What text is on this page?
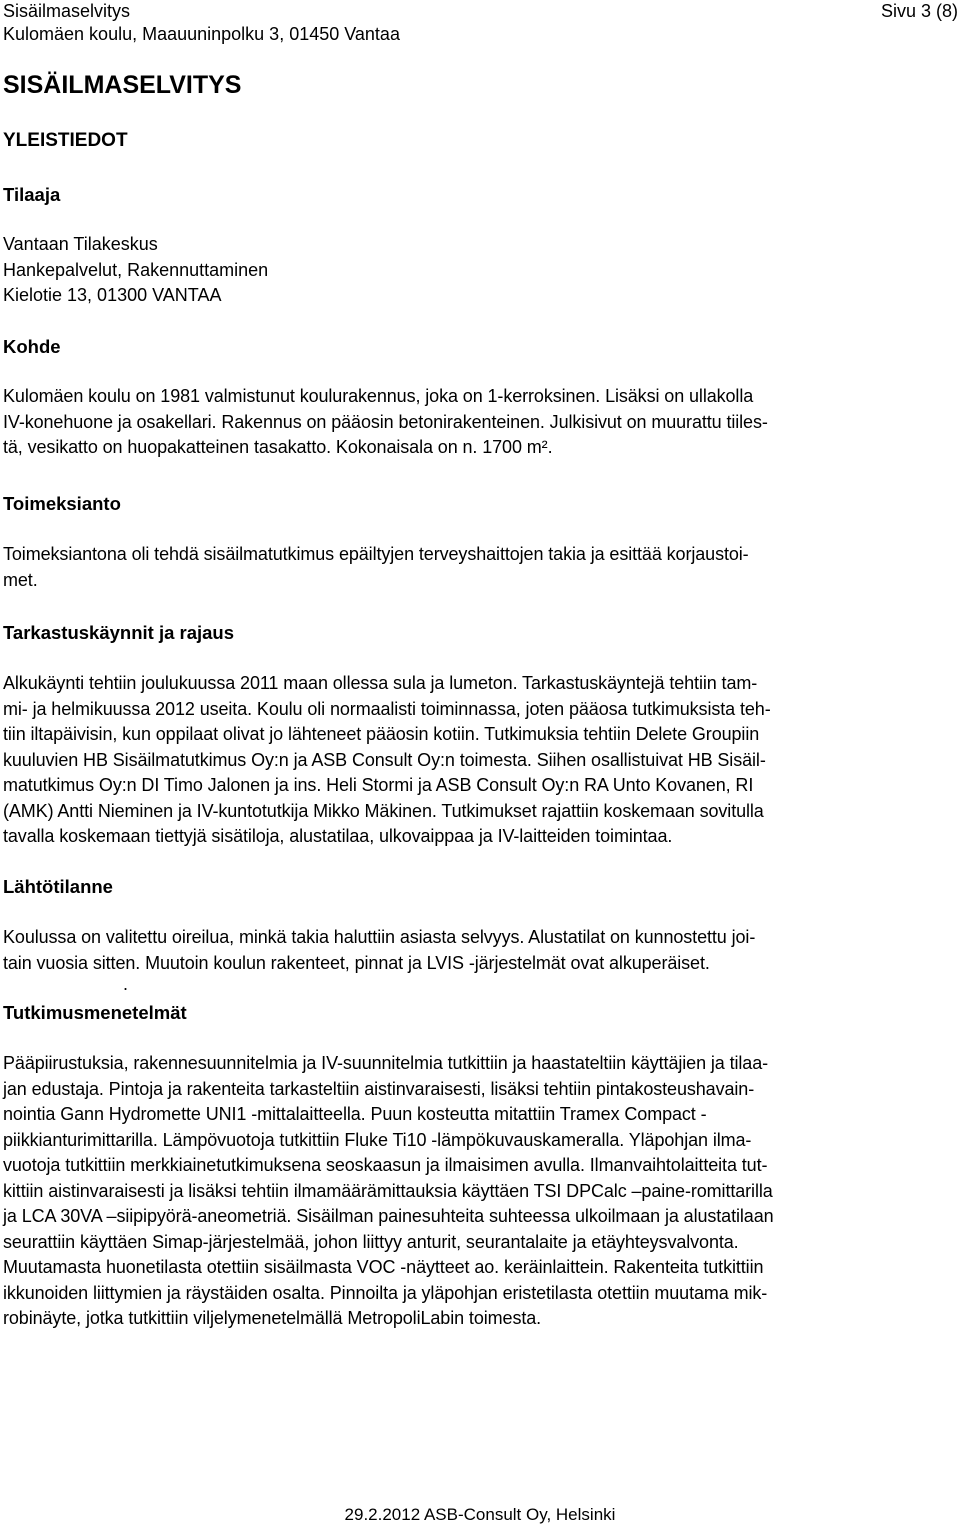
Sisäilmaselvitys	Sivu 3 (8)
Kulomäen koulu, Maauuninpolku 3, 01450 Vantaa
SISÄILMASELVITYS
YLEISTIEDOT
Tilaaja
Vantaan Tilakeskus
Hankepalvelut, Rakennuttaminen
Kielotie 13, 01300 VANTAA
Kohde
Kulomäen koulu on 1981 valmistunut koulurakennus, joka on 1-kerroksinen. Lisäksi on ullakolla
IV-konehuone ja osakellari. Rakennus on pääosin betonirakenteinen. Julkisivut on muurattu tiiles-
tä, vesikatto on huopakatteinen tasakatto. Kokonaisala on n. 1700 m².
Toimeksianto
Toimeksiantona oli tehdä sisäilmatutkimus epäiltyjen terveyshaittojen takia ja esittää korjaustoi-
met.
Tarkastuskäynnit ja rajaus
Alkukäynti tehtiin joulukuussa 2011 maan ollessa sula ja lumeton. Tarkastuskäyntejä tehtiin tam-
mi- ja helmikuussa 2012 useita. Koulu oli normaalisti toiminnassa, joten pääosa tutkimuksista teh-
tiin iltapäivisin, kun oppilaat olivat jo lähteneet pääosin kotiin. Tutkimuksia tehtiin Delete Groupiin
kuuluvien HB Sisäilmatutkimus Oy:n ja ASB Consult Oy:n toimesta. Siihen osallistuivat HB Sisäil-
matutkimus Oy:n DI Timo Jalonen ja ins. Heli Stormi ja ASB Consult Oy:n RA Unto Kovanen, RI
(AMK) Antti Nieminen ja IV-kuntotutkija Mikko Mäkinen. Tutkimukset rajattiin koskemaan sovitulla
tavalla koskemaan tiettyjä sisätiloja, alustatilaa, ulkovaippaa ja IV-laitteiden toimintaa.
Lähtötilanne
Koulussa on valitettu oireilua, minkä takia haluttiin asiasta selvyys. Alustatilat on kunnostettu joi-
tain vuosia sitten. Muutoin koulun rakenteet, pinnat ja LVIS -järjestelmät ovat alkuperäiset.
.
Tutkimusmenetelmät
Pääpiirustuksia, rakennesuunnitelmia ja IV-suunnitelmia tutkittiin ja haastateltiin käyttäjien ja tilaa-
jan edustaja. Pintoja ja rakenteita tarkasteltiin aistinvaraisesti, lisäksi tehtiin pintakosteushavain-
nointia Gann Hydromette UNI1 -mittalaitteella. Puun kosteutta mitattiin Tramex Compact -
piikkianturimittarilla. Lämpövuotoja tutkittiin Fluke Ti10 -lämpökuvauskameralla. Yläpohjan ilma-
vuotoja tutkittiin merkkiainetutkimuksena seoskaasun ja ilmaisimen avulla. Ilmanvaihtolaitteita tut-
kittiin aistinvaraisesti ja lisäksi tehtiin ilmamäärämittauksia käyttäen TSI DPCalc –paine-romittarilla
ja LCA 30VA –siipipyörä-aneometriä. Sisäilman painesuhteita suhteessa ulkoilmaan ja alustatilaan
seurattiin käyttäen Simap-järjestelmää, johon liittyy anturit, seurantalaite ja etäyhteysvalvonta.
Muutamasta huonetilasta otettiin sisäilmasta VOC -näytteet ao. keräinlaittein. Rakenteita tutkittiin
ikkunoiden liittymien ja räystäiden osalta. Pinnoilta ja yläpohjan eristetilasta otettiin muutama mik-
robinäyte, jotka tutkittiin viljelymenetelmällä MetropoliLabin toimesta.
29.2.2012 ASB-Consult Oy, Helsinki
